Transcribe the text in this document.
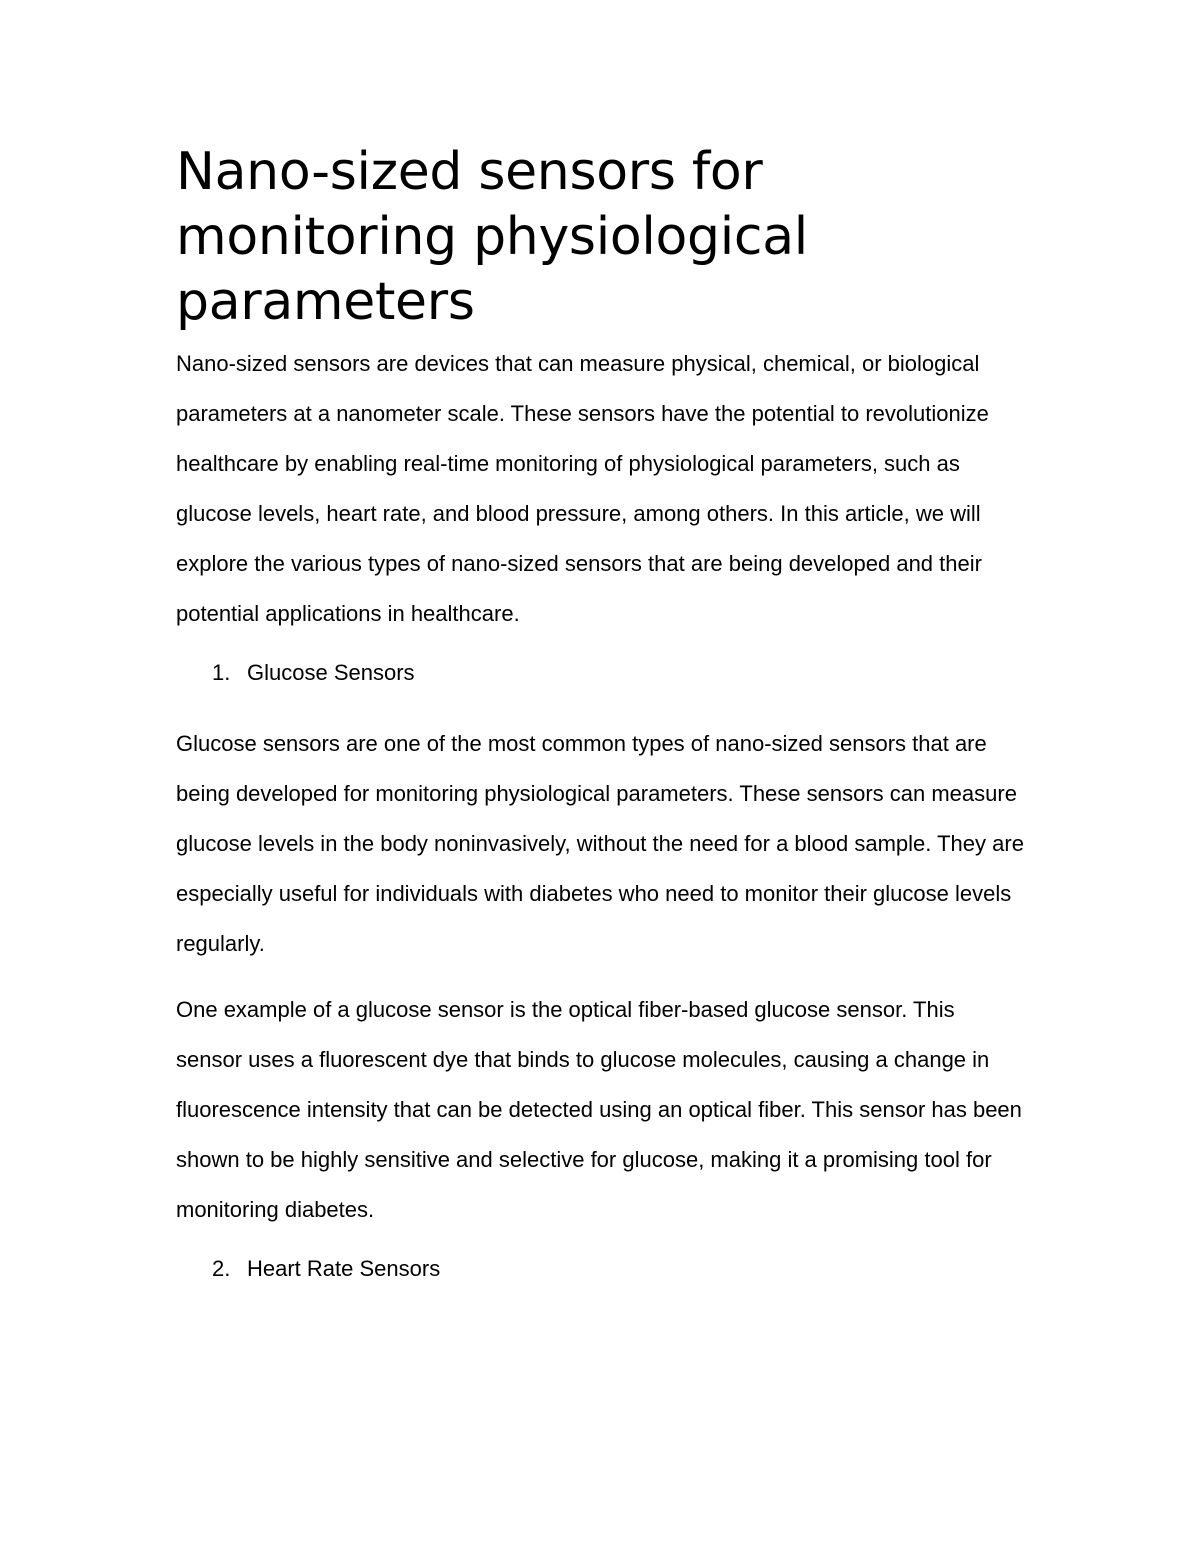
Nano-sized sensors for monitoring physiological parameters

Nano-sized sensors are devices that can measure physical, chemical, or biological parameters at a nanometer scale. These sensors have the potential to revolutionize healthcare by enabling real-time monitoring of physiological parameters, such as glucose levels, heart rate, and blood pressure, among others. In this article, we will explore the various types of nano-sized sensors that are being developed and their potential applications in healthcare.

1. Glucose Sensors

Glucose sensors are one of the most common types of nano-sized sensors that are being developed for monitoring physiological parameters. These sensors can measure glucose levels in the body noninvasively, without the need for a blood sample. They are especially useful for individuals with diabetes who need to monitor their glucose levels regularly.

One example of a glucose sensor is the optical fiber-based glucose sensor. This sensor uses a fluorescent dye that binds to glucose molecules, causing a change in fluorescence intensity that can be detected using an optical fiber. This sensor has been shown to be highly sensitive and selective for glucose, making it a promising tool for monitoring diabetes.

2. Heart Rate Sensors
